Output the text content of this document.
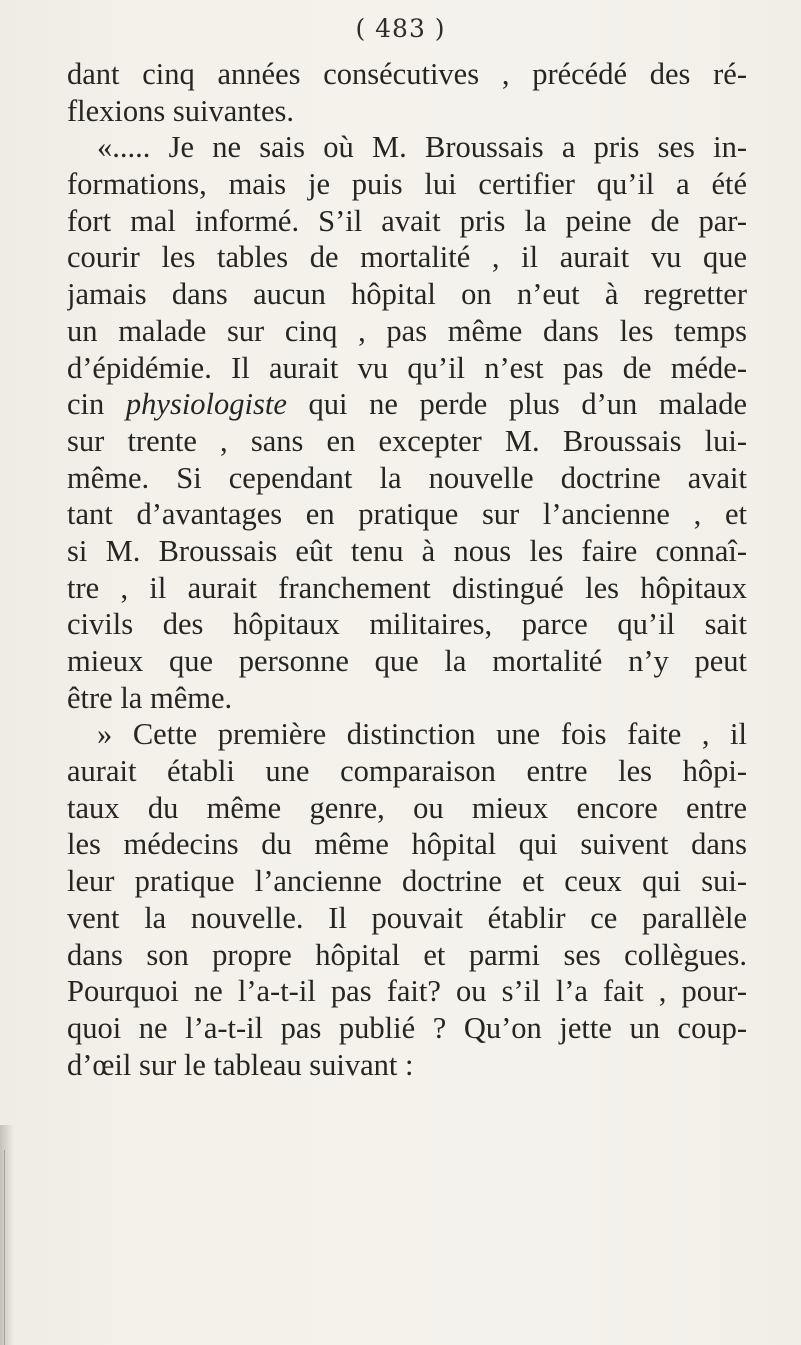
( 483 )
dant cinq années consécutives , précédé des ré-
flexions suivantes.
«..... Je ne sais où M. Broussais a pris ses in-
formations, mais je puis lui certifier qu’il a été
fort mal informé. S’il avait pris la peine de par-
courir les tables de mortalité , il aurait vu que
jamais dans aucun hôpital on n’eut à regretter
un malade sur cinq , pas même dans les temps
d’épidémie. Il aurait vu qu’il n’est pas de méde-
cin physiologiste qui ne perde plus d’un malade
sur trente , sans en excepter M. Broussais lui-
même. Si cependant la nouvelle doctrine avait
tant d’avantages en pratique sur l’ancienne , et
si M. Broussais eût tenu à nous les faire connaî-
tre , il aurait franchement distingué les hôpitaux
civils des hôpitaux militaires, parce qu’il sait
mieux que personne que la mortalité n’y peut
être la même.
» Cette première distinction une fois faite , il
aurait établi une comparaison entre les hôpi-
taux du même genre, ou mieux encore entre
les médecins du même hôpital qui suivent dans
leur pratique l’ancienne doctrine et ceux qui sui-
vent la nouvelle. Il pouvait établir ce parallèle
dans son propre hôpital et parmi ses collègues.
Pourquoi ne l’a-t-il pas fait? ou s’il l’a fait , pour-
quoi ne l’a-t-il pas publié ? Qu’on jette un coup-
d’œil sur le tableau suivant :
